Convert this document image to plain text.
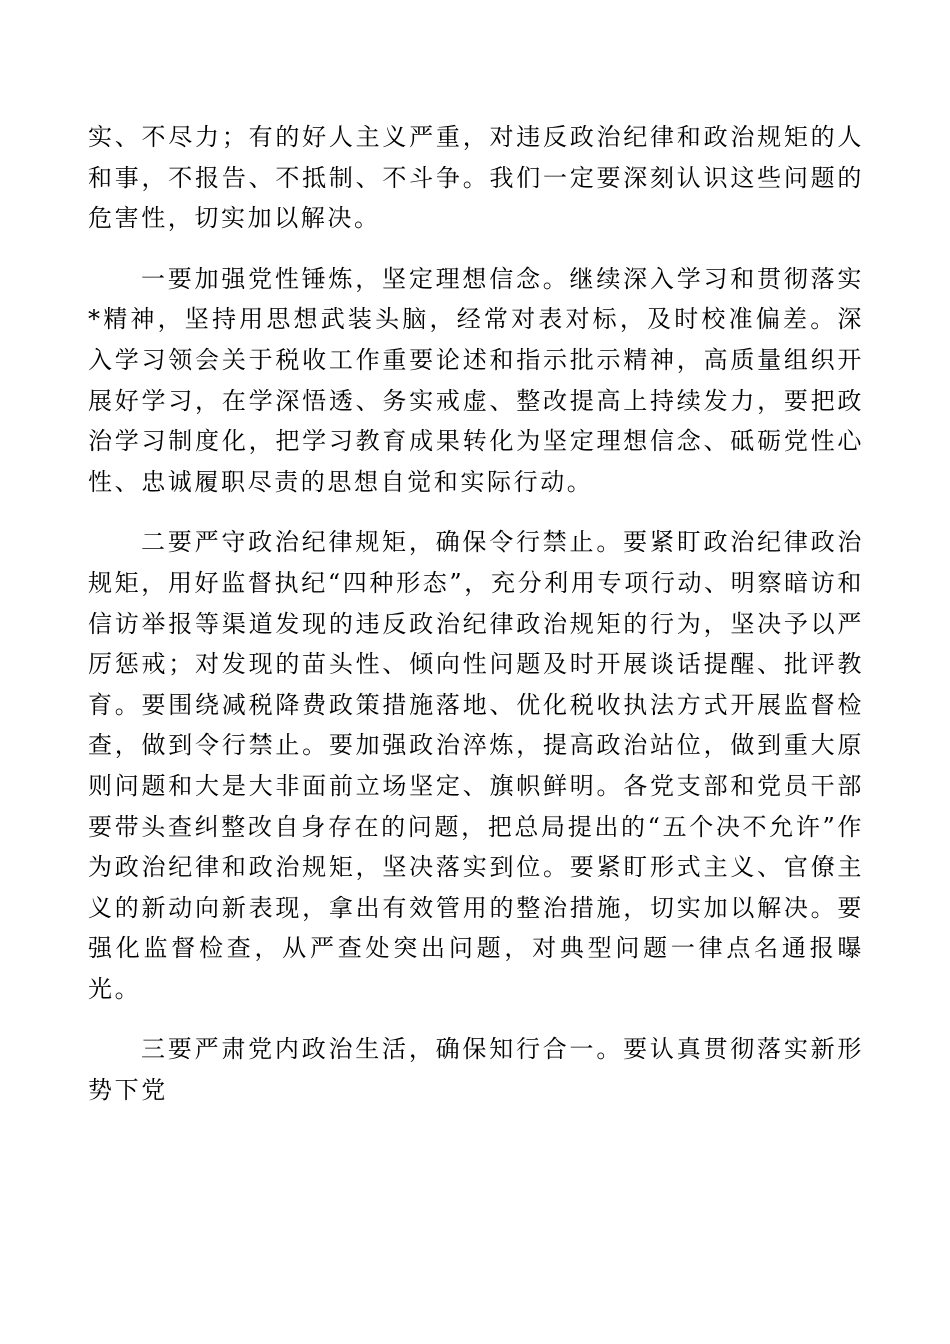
实、不尽力；有的好人主义严重，对违反政治纪律和政治规矩的人和事，不报告、不抵制、不斗争。我们一定要深刻认识这些问题的危害性，切实加以解决。

一要加强党性锤炼，坚定理想信念。继续深入学习和贯彻落实*精神，坚持用思想武装头脑，经常对表对标，及时校准偏差。深入学习领会关于税收工作重要论述和指示批示精神，高质量组织开展好学习，在学深悟透、务实戒虚、整改提高上持续发力，要把政治学习制度化，把学习教育成果转化为坚定理想信念、砥砺党性心性、忠诚履职尽责的思想自觉和实际行动。

二要严守政治纪律规矩，确保令行禁止。要紧盯政治纪律政治规矩，用好监督执纪“四种形态”，充分利用专项行动、明察暗访和信访举报等渠道发现的违反政治纪律政治规矩的行为，坚决予以严厉惩戒；对发现的苗头性、倾向性问题及时开展谈话提醒、批评教育。要围绕减税降费政策措施落地、优化税收执法方式开展监督检查，做到令行禁止。要加强政治淬炼，提高政治站位，做到重大原则问题和大是大非面前立场坚定、旗帜鲜明。各党支部和党员干部要带头查纠整改自身存在的问题，把总局提出的“五个决不允许”作为政治纪律和政治规矩，坚决落实到位。要紧盯形式主义、官僚主义的新动向新表现，拿出有效管用的整治措施，切实加以解决。要强化监督检查，从严查处突出问题，对典型问题一律点名通报曝光。

三要严肃党内政治生活，确保知行合一。要认真贯彻落实新形势下党
